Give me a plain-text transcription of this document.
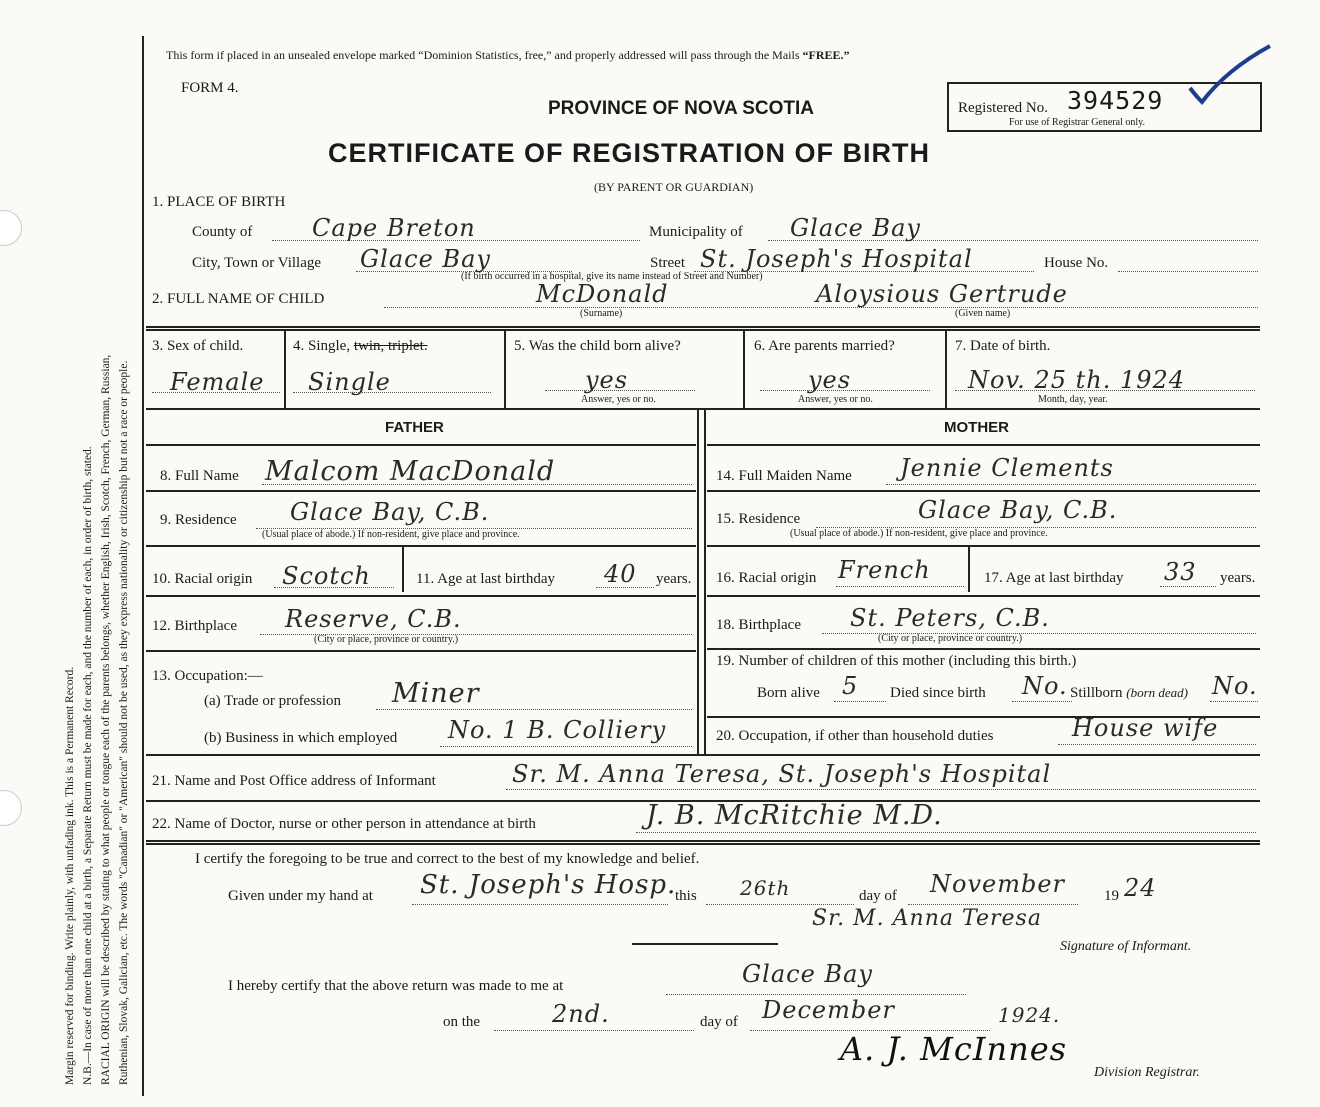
Margin reserved for binding. Write plainly, with unfading ink. This is a Permanent Record. N.B.—In case of more than one child at a birth, a Separate Return must be made for each, and the number of each, in order of birth, stated. RACIAL ORIGIN will be described by stating to what people or tongue each of the parents belongs, whether English, Irish, Scotch, French, German, Russian, Ruthenian, Slovak, Galician, etc. The words "Canadian" or "American" should not be used, as they express nationality or citizenship but not a race or people.
This form if placed in an unsealed envelope marked “Dominion Statistics, free,” and properly addressed will pass through the Mails “FREE.”
FORM 4.
PROVINCE OF NOVA SCOTIA
CERTIFICATE OF REGISTRATION OF BIRTH
(BY PARENT OR GUARDIAN)
Registered No. 394529
For use of Registrar General only.
1. PLACE OF BIRTH
County of Cape Breton	Municipality of Glace Bay
City, Town or Village Glace Bay	Street St. Joseph's Hospital
(If birth occurred in a hospital, give its name instead of Street and Number)
House No.
2. FULL NAME OF CHILD	McDonald	Aloysious Gertrude
(Surname)	(Given name)
3. Sex of child.
Female
4. Single, twin, triplet.
Single
5. Was the child born alive?
yes
Answer, yes or no.
6. Are parents married?
yes
Answer, yes or no.
7. Date of birth.
Nov. 25 th. 1924
Month, day, year.
FATHER	MOTHER
8. Full Name Malcom MacDonald
9. Residence Glace Bay, C.B.
(Usual place of abode.) If non-resident, give place and province.
10. Racial origin Scotch	11. Age at last birthday 40 years.
12. Birthplace Reserve, C.B.
(City or place, province or country.)
13. Occupation:—
(a) Trade or profession Miner
(b) Business in which employed No. 1 B. Colliery
14. Full Maiden Name Jennie Clements
15. Residence	Glace Bay, C.B.
(Usual place of abode.) If non-resident, give place and province.
16. Racial origin French	17. Age at last birthday 33 years.
18. Birthplace St. Peters, C.B.
(City or place, province or country.)
19. Number of children of this mother (including this birth.)
Born alive 5 Died since birth No. Stillborn (born dead) No.
20. Occupation, if other than household duties	House wife
21. Name and Post Office address of Informant	Sr. M. Anna Teresa, St. Joseph's Hospital
22. Name of Doctor, nurse or other person in attendance at birth	J. B. McRitchie M.D.
I certify the foregoing to be true and correct to the best of my knowledge and belief.
Given under my hand at St. Joseph's Hosp.
this 26th	day of November	19 24
Sr. M. Anna Teresa
Signature of Informant.
I hereby certify that the above return was made to me at	Glace Bay
on the	2nd.	day of December	1924.
A. J. McInnes
Division Registrar.
